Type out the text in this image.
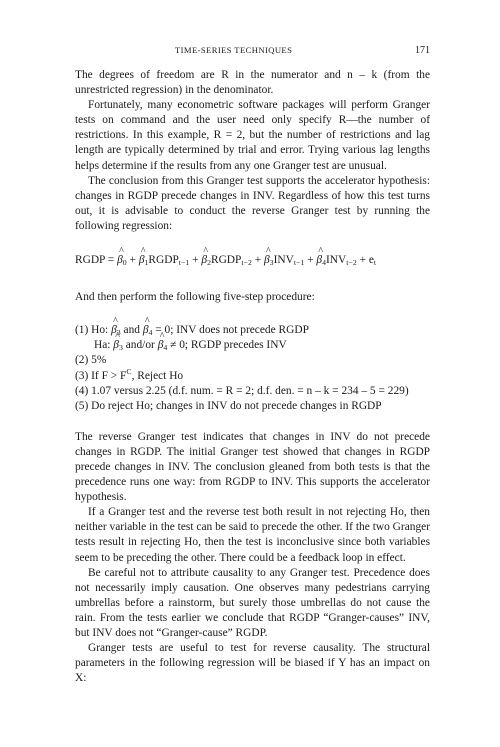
TIME-SERIES TECHNIQUES	171

The degrees of freedom are R in the numerator and n – k (from the unrestricted regression) in the denominator.

Fortunately, many econometric software packages will perform Granger tests on command and the user need only specify R—the number of restrictions. In this example, R = 2, but the number of restrictions and lag length are typically determined by trial and error. Trying various lag lengths helps determine if the results from any one Granger test are unusual.

The conclusion from this Granger test supports the accelerator hypothesis: changes in RGDP precede changes in INV. Regardless of how this test turns out, it is advisable to conduct the reverse Granger test by running the following regression:

RGDP = ^ $\beta_0$ + ^ $\beta_1RGDP_{t-1}$ + ^ $\beta_2RGDP_{t-2}$ + ^ $\beta_3INV_{t-1}$ + ^ $\beta_4INV_{t-2} + e_t$

And then perform the following five-step procedure:

(1) Ho: ^ $\beta_3$ and ^ $\beta_4 = 0$; INV does not precede RGDP
Ha: ^ $\beta_3$ and/or ^ $\beta_4 \ne 0$; RGDP precedes INV
(2) 5%
(3) If $F > F^C$, Reject Ho
(4) 1.07 versus 2.25 (d.f. num. = R = 2; d.f. den. = n – k = 234 – 5 = 229)
(5) Do reject Ho; changes in INV do not precede changes in RGDP

The reverse Granger test indicates that changes in INV do not precede changes in RGDP. The initial Granger test showed that changes in RGDP precede changes in INV. The conclusion gleaned from both tests is that the precedence runs one way: from RGDP to INV. This supports the accelerator hypothesis.

If a Granger test and the reverse test both result in not rejecting Ho, then neither variable in the test can be said to precede the other. If the two Granger tests result in rejecting Ho, then the test is inconclusive since both variables seem to be preceding the other. There could be a feedback loop in effect.

Be careful not to attribute causality to any Granger test. Precedence does not necessarily imply causation. One observes many pedestrians carrying umbrellas before a rainstorm, but surely those umbrellas do not cause the rain. From the tests earlier we conclude that RGDP “Granger-causes” INV, but INV does not “Granger-cause” RGDP.

Granger tests are useful to test for reverse causality. The structural parameters in the following regression will be biased if Y has an impact on X:
